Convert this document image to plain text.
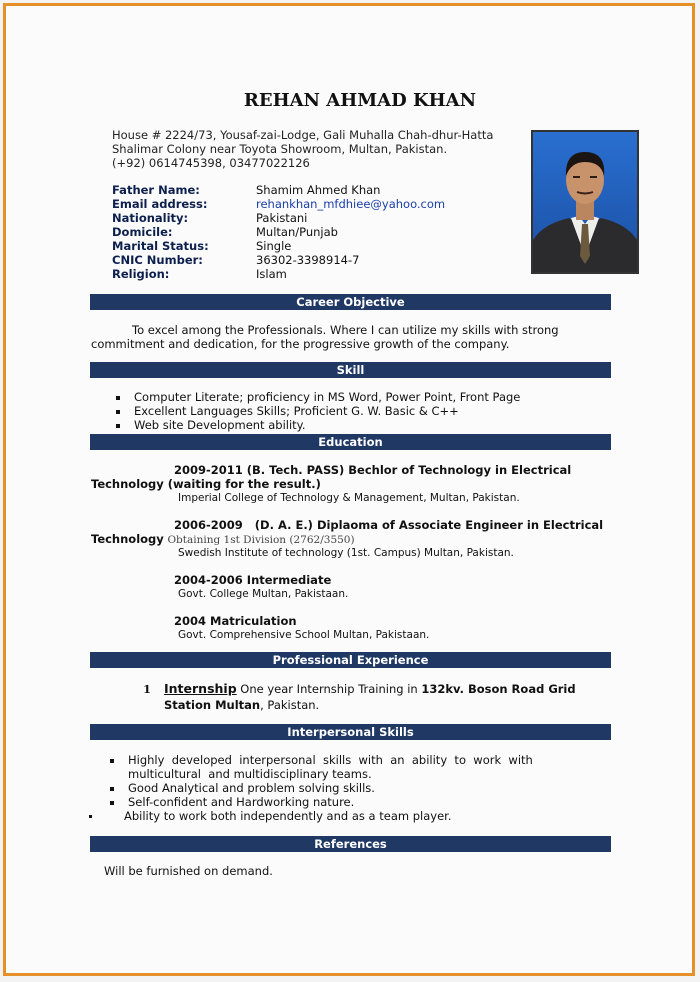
REHAN AHMAD KHAN
House # 2224/73, Yousaf-zai-Lodge, Gali Muhalla Chah-dhur-Hatta
Shalimar Colony near Toyota Showroom, Multan, Pakistan.
(+92) 0614745398, 03477022126
Father Name:	Shamim Ahmed Khan
Email address:	rehankhan_mfdhiee@yahoo.com
Nationality:	Pakistani
Domicile:	Multan/Punjab
Marital Status:	Single
CNIC Number:	36302-3398914-7
Religion:	Islam
Career Objective
To excel among the Professionals. Where I can utilize my skills with strong
commitment and dedication, for the progressive growth of the company.
Skill
Computer Literate; proficiency in MS Word, Power Point, Front Page
Excellent Languages Skills; Proficient G. W. Basic & C++
Web site Development ability.
Education
2009-2011 (B. Tech. PASS) Bechlor of Technology in Electrical
Technology (waiting for the result.)
Imperial College of Technology & Management, Multan, Pakistan.
2006-2009   (D. A. E.) Diplaoma of Associate Engineer in Electrical
Technology Obtaining 1st Division (2762/3550)
Swedish Institute of technology (1st. Campus) Multan, Pakistan.
2004-2006 Intermediate
Govt. College Multan, Pakistaan.
2004 Matriculation
Govt. Comprehensive School Multan, Pakistaan.
Professional Experience
1 Internship One year Internship Training in 132kv. Boson Road Grid
Station Multan, Pakistan.
Interpersonal Skills
Highly  developed  interpersonal  skills  with  an  ability  to  work  with
multicultural  and multidisciplinary teams.
Good Analytical and problem solving skills.
Self-confident and Hardworking nature.
Ability to work both independently and as a team player.
References
Will be furnished on demand.
